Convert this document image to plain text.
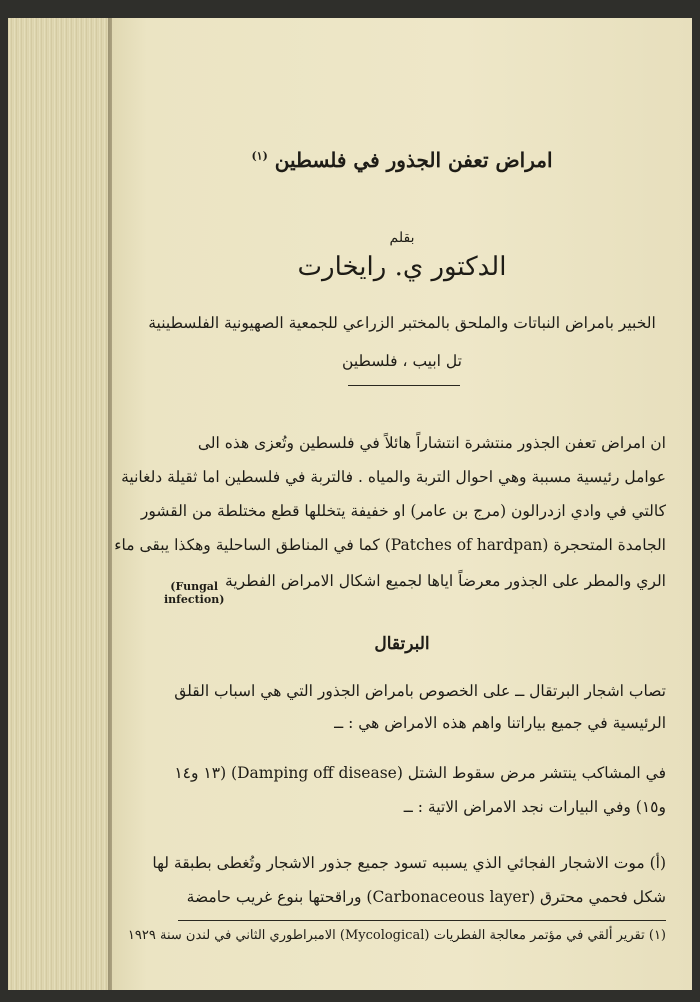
امراض تعفن الجذور في فلسطين $^{(١)}$
بقلم
الدكتور ي. رايخارت
الخبير بامراض النباتات والملحق بالمختبر الزراعي للجمعية الصهيونية الفلسطينية
تل ابيب ، فلسطين
ان امراض تعفن الجذور منتشرة انتشاراً هائلاً في فلسطين وتُعزى هذه الى
عوامل رئيسية مسببة وهي احوال التربة والمياه . فالتربة في فلسطين اما ثقيلة دلغانية
كالتي في وادي ازدرالون (مرج بن عامر) او خفيفة يتخللها قطع مختلطة من القشور
الجامدة المتحجرة (Patches of hardpan) كما في المناطق الساحلية وهكذا يبقى ماء
الري والمطر على الجذور معرضاً اياها لجميع اشكال الامراض الفطرية
(Fungal
infection)
البرتقال
تصاب اشجار البرتقال ــ على الخصوص بامراض الجذور التي هي اسباب القلق
الرئيسية في جميع بياراتنا واهم هذه الامراض هي : ــ
في المشاكب ينتشر مرض سقوط الشتل (Damping off disease) (١٣ و١٤
و١٥) وفي البيارات نجد الامراض الاتية : ــ
(أ) موت الاشجار الفجائي الذي يسببه تسود جميع جذور الاشجار وتُغطى بطبقة لها
شكل فحمي محترق (Carbonaceous layer) وراقحتها بنوع غريب حامضة
(١) تقرير ألقي في مؤتمر معالجة الفطريات (Mycological) الامبراطوري الثاني في لندن سنة ١٩٢٩
